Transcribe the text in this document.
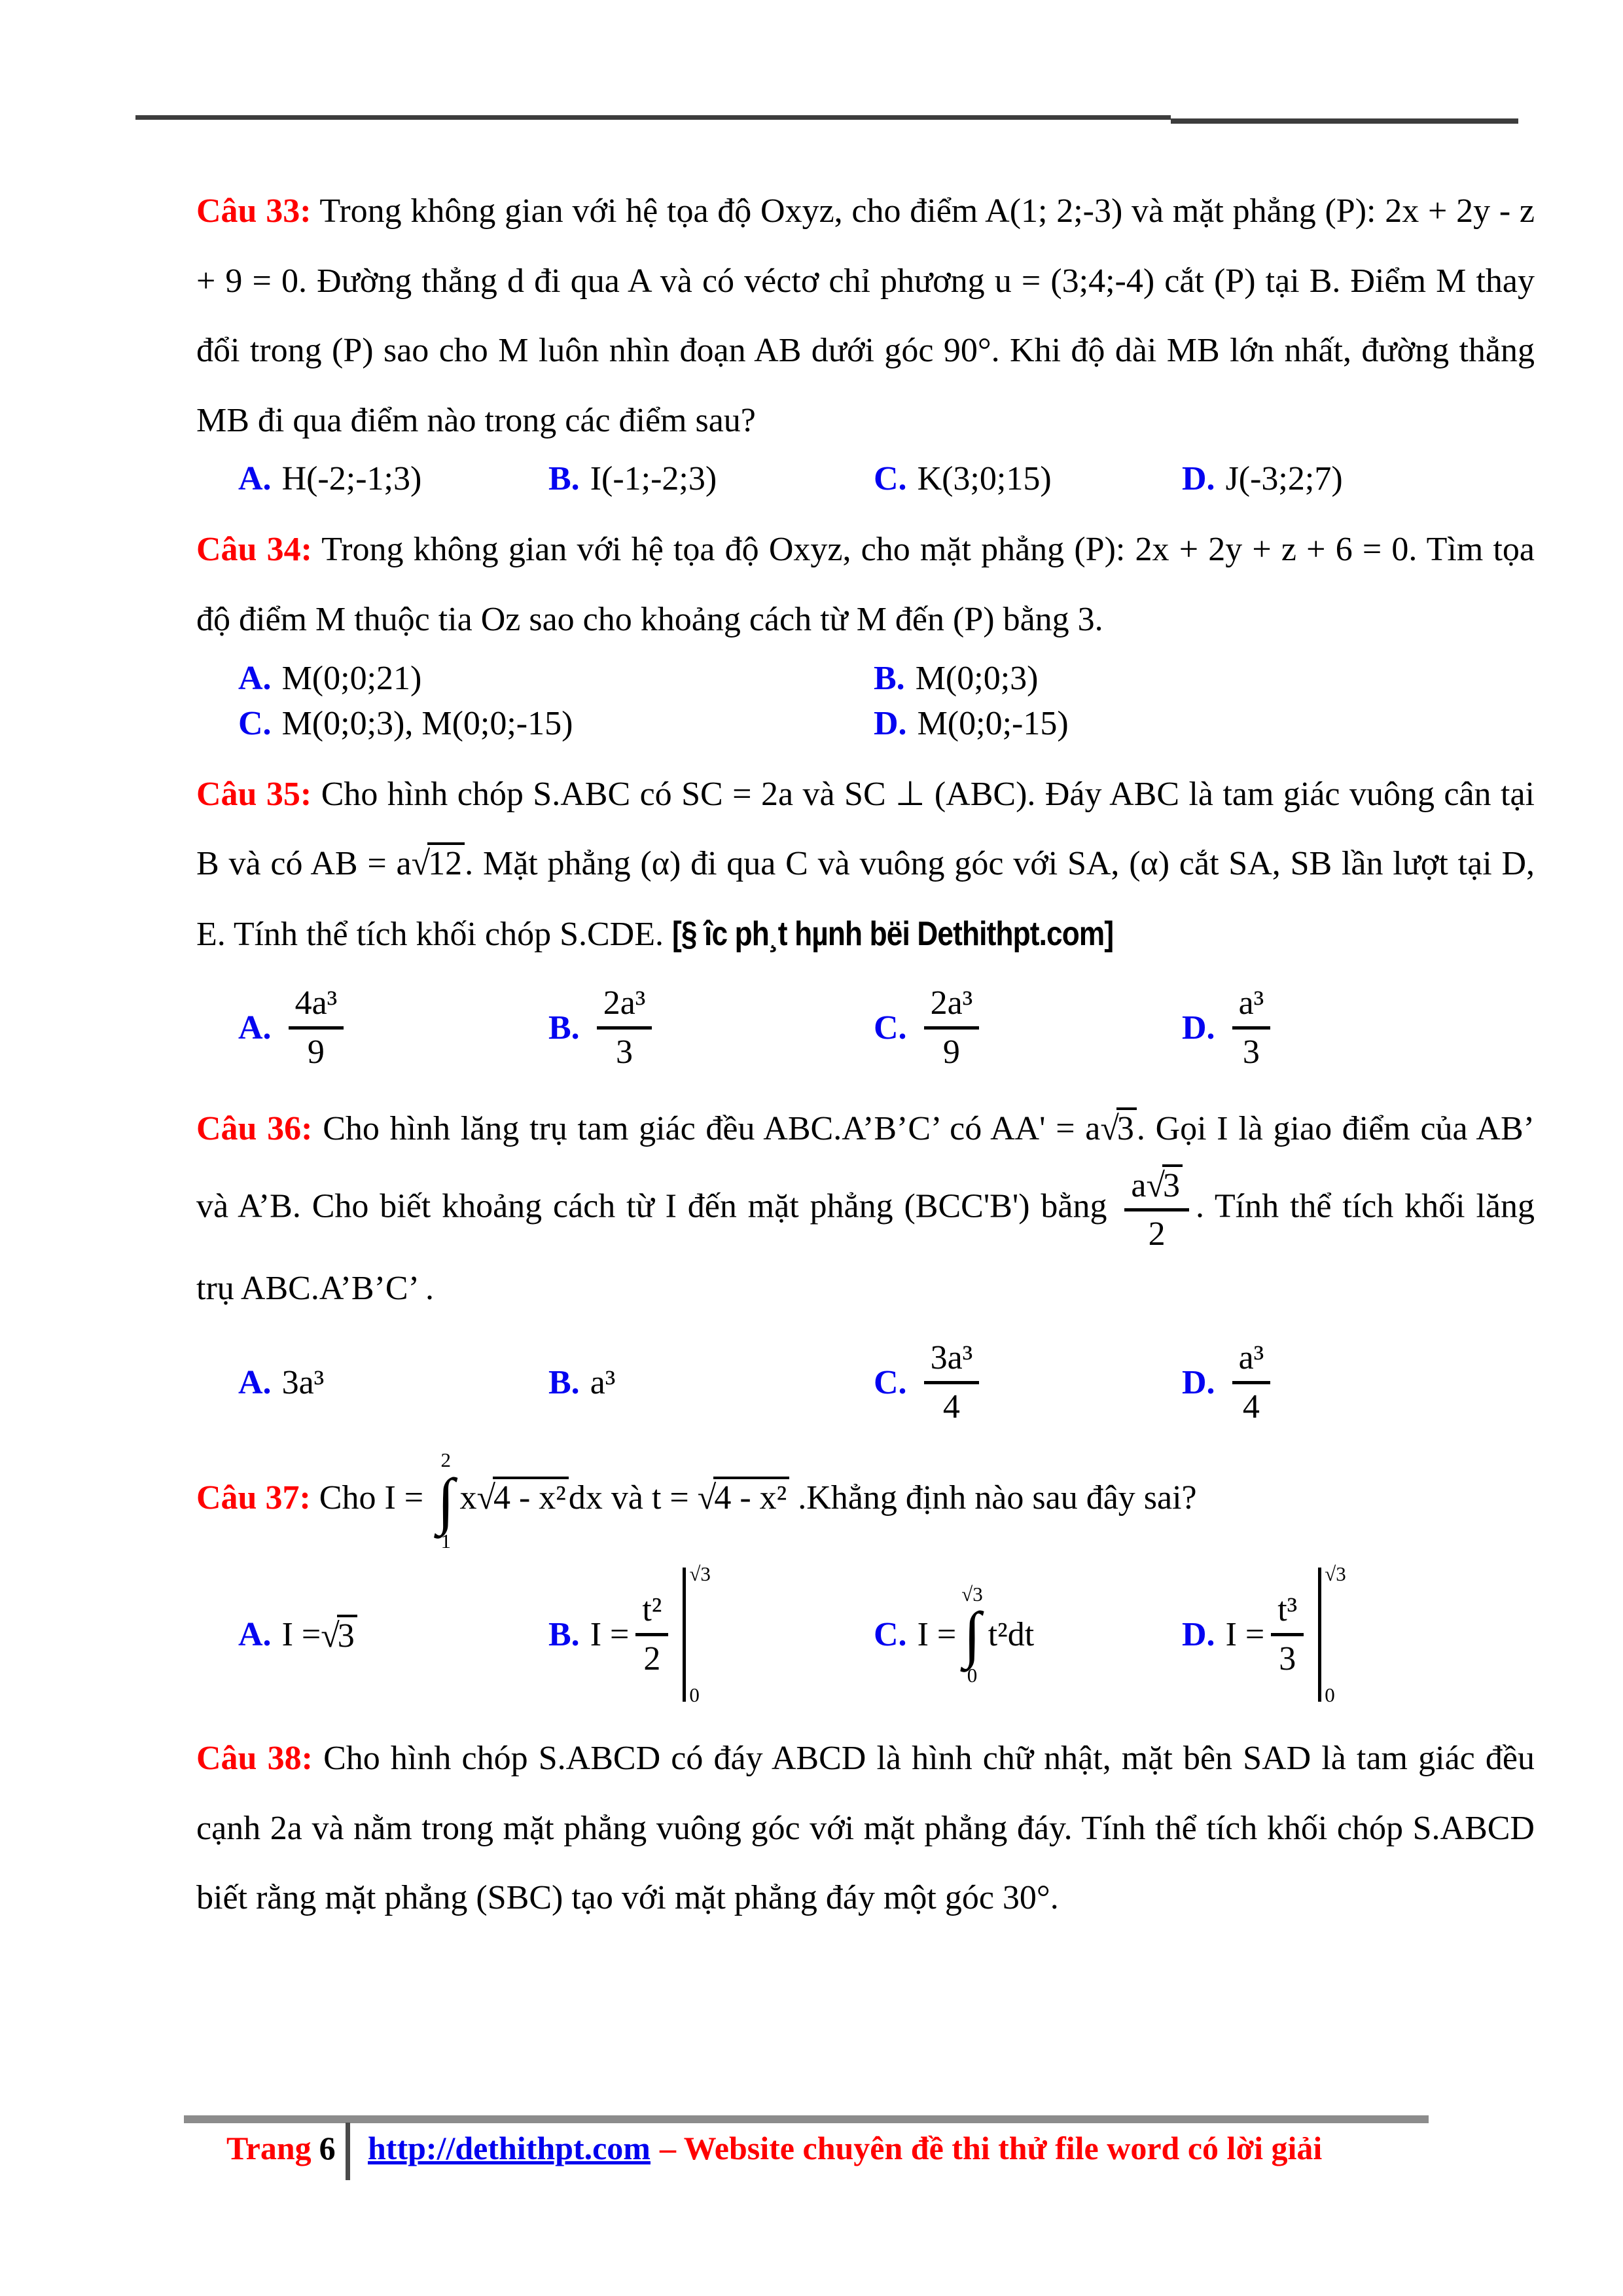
Câu 33: Trong không gian với hệ tọa độ Oxyz, cho điểm A(1; 2;-3) và mặt phẳng (P): 2x + 2y - z + 9 = 0. Đường thẳng d đi qua A và có véctơ chỉ phương u = (3;4;-4) cắt (P) tại B. Điểm M thay đổi trong (P) sao cho M luôn nhìn đoạn AB dưới góc 90°. Khi độ dài MB lớn nhất, đường thẳng MB đi qua điểm nào trong các điểm sau?

A. H(-2;-1;3)	B. I(-1;-2;3)	C. K(3;0;15)	D. J(-3;2;7)

Câu 34: Trong không gian với hệ tọa độ Oxyz, cho mặt phẳng (P): 2x + 2y + z + 6 = 0. Tìm tọa độ điểm M thuộc tia Oz sao cho khoảng cách từ M đến (P) bằng 3.

A. M(0;0;21)	B. M(0;0;3)
C. M(0;0;3), M(0;0;-15)	D. M(0;0;-15)

Câu 35: Cho hình chóp S.ABC có SC = 2a và SC ⊥ (ABC). Đáy ABC là tam giác vuông cân tại B và có AB = a√12. Mặt phẳng (α) đi qua C và vuông góc với SA, (α) cắt SA, SB lần lượt tại D, E. Tính thể tích khối chóp S.CDE. [§ îc ph¸t hµnh bëi Dethithpt.com]

A. $\frac{\text{4a³}}{9}$	B. $\frac{\text{2a³}}{3}$	C. $\frac{\text{2a³}}{9}$	D. $\frac{\text{a³}}{3}$

Câu 36: Cho hình lăng trụ tam giác đều ABC.A’B’C’ có AA' = a√3. Gọi I là giao điểm của AB’ và A’B. Cho biết khoảng cách từ I đến mặt phẳng (BCC'B') bằng $\frac{a√3}{2}$ . Tính thể tích khối lăng trụ ABC.A’B’C’ .

A. 3a³	B. a³	C. $\frac{\text{3a³}}{4}$	D. $\frac{\text{a³}}{4}$

Câu 37: Cho I =
2
∫
1
x√4 - x²dx và t = √4 - x² .Khẳng định nào sau đây sai?

A. I = √3	B. $I = \frac{\text{t²}}{2}$
√3
0
C. I =
√3
∫
0
t²dt	D. $I = \frac{\text{t³}}{3}$
√3
0

Câu 38: Cho hình chóp S.ABCD có đáy ABCD là hình chữ nhật, mặt bên SAD là tam giác đều cạnh 2a và nằm trong mặt phẳng vuông góc với mặt phẳng đáy. Tính thể tích khối chóp S.ABCD biết rằng mặt phẳng (SBC) tạo với mặt phẳng đáy một góc 30°.

Trang 6 http://dethithpt.com – Website chuyên đề thi thử file word có lời giải
